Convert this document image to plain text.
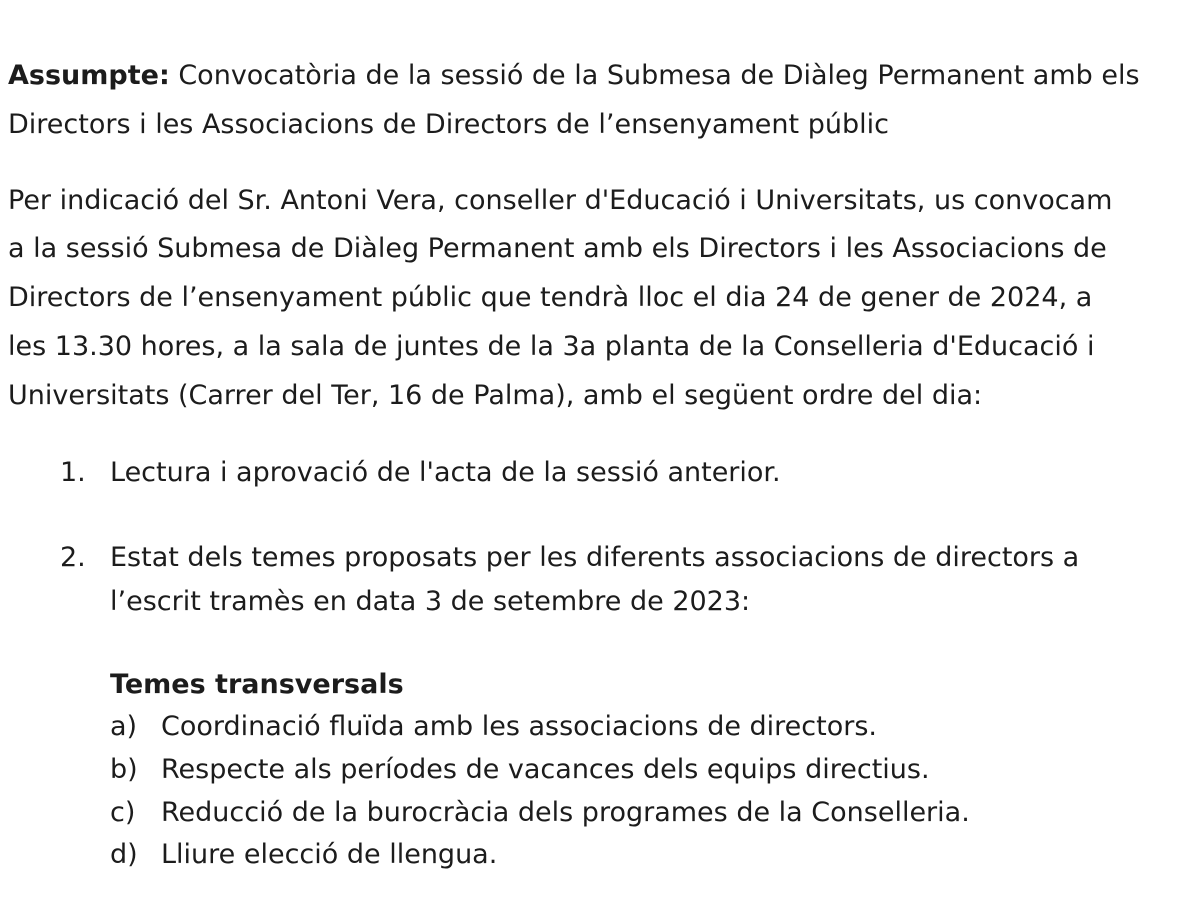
Assumpte: Convocatòria de la sessió de la Submesa de Diàleg Permanent amb els
Directors i les Associacions de Directors de l’ensenyament públic
Per indicació del Sr. Antoni Vera, conseller d'Educació i Universitats, us convocam
a la sessió Submesa de Diàleg Permanent amb els Directors i les Associacions de
Directors de l’ensenyament públic que tendrà lloc el dia 24 de gener de 2024, a
les 13.30 hores, a la sala de juntes de la 3a planta de la Conselleria d'Educació i
Universitats (Carrer del Ter, 16 de Palma), amb el següent ordre del dia:
1. Lectura i aprovació de l'acta de la sessió anterior.
2. Estat dels temes proposats per les diferents associacions de directors a
l’escrit tramès en data 3 de setembre de 2023:
Temes transversals
a) Coordinació fluïda amb les associacions de directors.
b) Respecte als períodes de vacances dels equips directius.
c) Reducció de la burocràcia dels programes de la Conselleria.
d) Lliure elecció de llengua.
